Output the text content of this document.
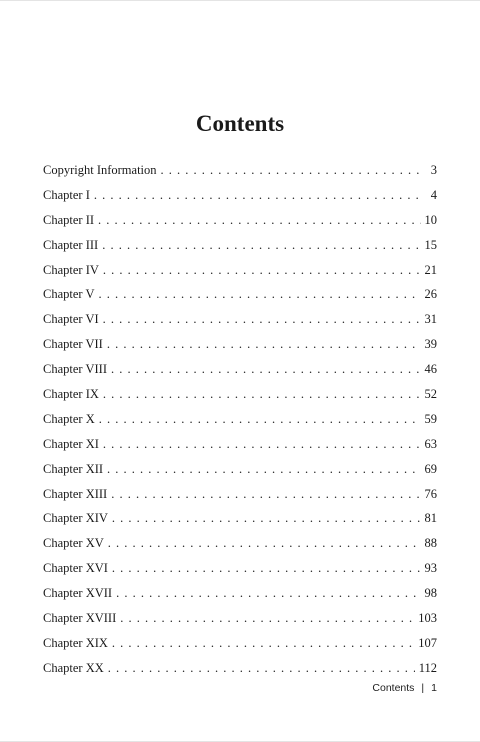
Contents
Copyright Information . . .	3
Chapter I . . .	4
Chapter II . . .	10
Chapter III . . .	15
Chapter IV . . .	21
Chapter V . . .	26
Chapter VI . . .	31
Chapter VII . . .	39
Chapter VIII . . .	46
Chapter IX . . .	52
Chapter X . . .	59
Chapter XI . . .	63
Chapter XII . . .	69
Chapter XIII . . .	76
Chapter XIV . . .	81
Chapter XV . . .	88
Chapter XVI . . .	93
Chapter XVII . . .	98
Chapter XVIII . . .	103
Chapter XIX . . .	107
Chapter XX . . .	112
Contents | 1
